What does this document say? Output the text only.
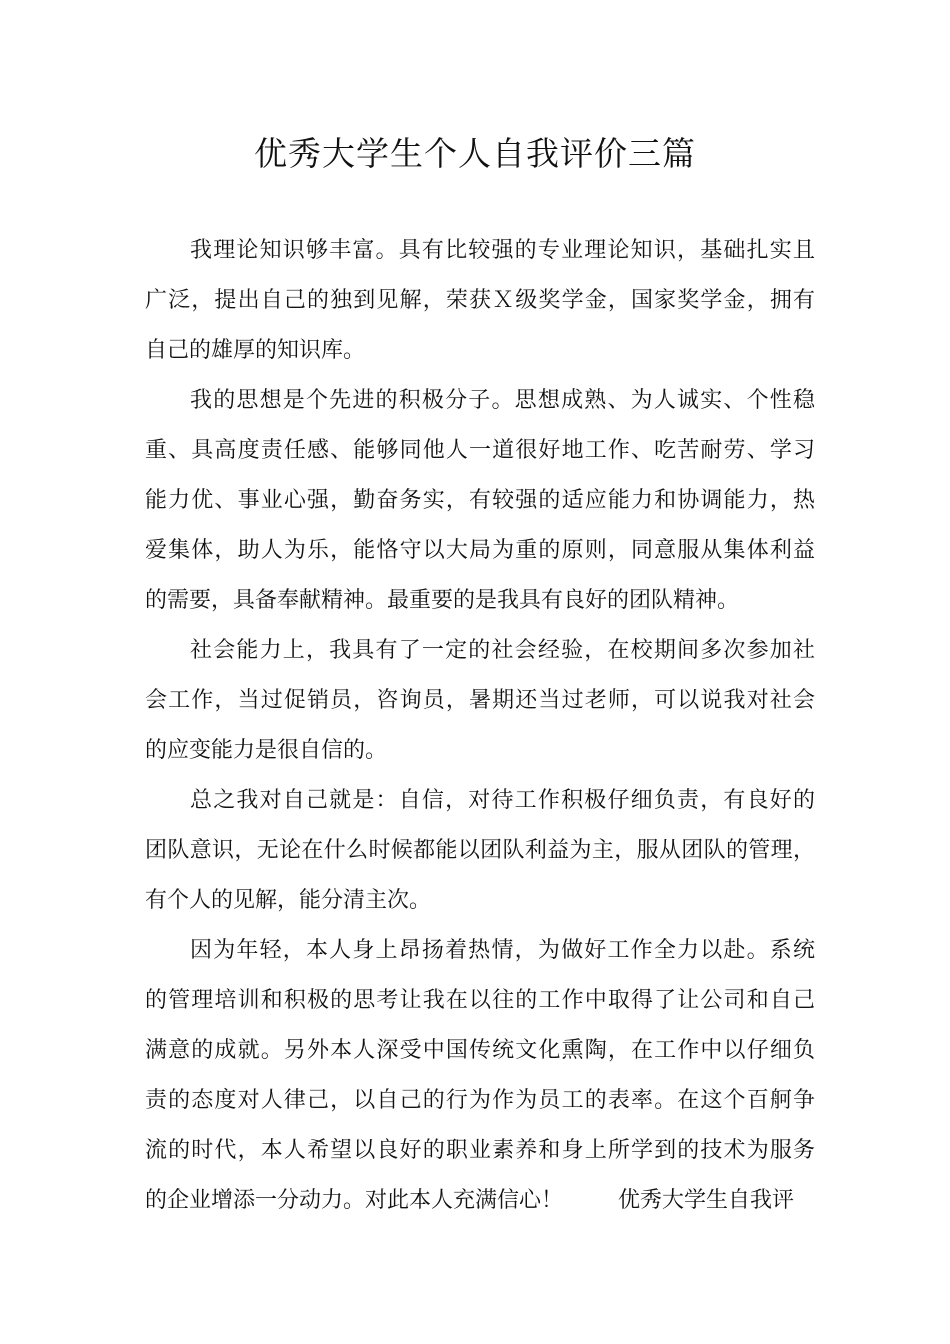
优秀大学生个人自我评价三篇
我理论知识够丰富。具有比较强的专业理论知识，基础扎实且
广泛，提出自己的独到见解，荣获Ｘ级奖学金，国家奖学金，拥有
自己的雄厚的知识库。
我的思想是个先进的积极分子。思想成熟、为人诚实、个性稳
重、具高度责任感、能够同他人一道很好地工作、吃苦耐劳、学习
能力优、事业心强，勤奋务实，有较强的适应能力和协调能力，热
爱集体，助人为乐，能恪守以大局为重的原则，同意服从集体利益
的需要，具备奉献精神。最重要的是我具有良好的团队精神。
社会能力上，我具有了一定的社会经验，在校期间多次参加社
会工作，当过促销员，咨询员，暑期还当过老师，可以说我对社会
的应变能力是很自信的。
总之我对自己就是：自信，对待工作积极仔细负责，有良好的
团队意识，无论在什么时候都能以团队利益为主，服从团队的管理，
有个人的见解，能分清主次。
因为年轻，本人身上昂扬着热情，为做好工作全力以赴。系统
的管理培训和积极的思考让我在以往的工作中取得了让公司和自己
满意的成就。另外本人深受中国传统文化熏陶，在工作中以仔细负
责的态度对人律己，以自己的行为作为员工的表率。在这个百舸争
流的时代，本人希望以良好的职业素养和身上所学到的技术为服务
的企业增添一分动力。对此本人充满信心！	优秀大学生自我评
